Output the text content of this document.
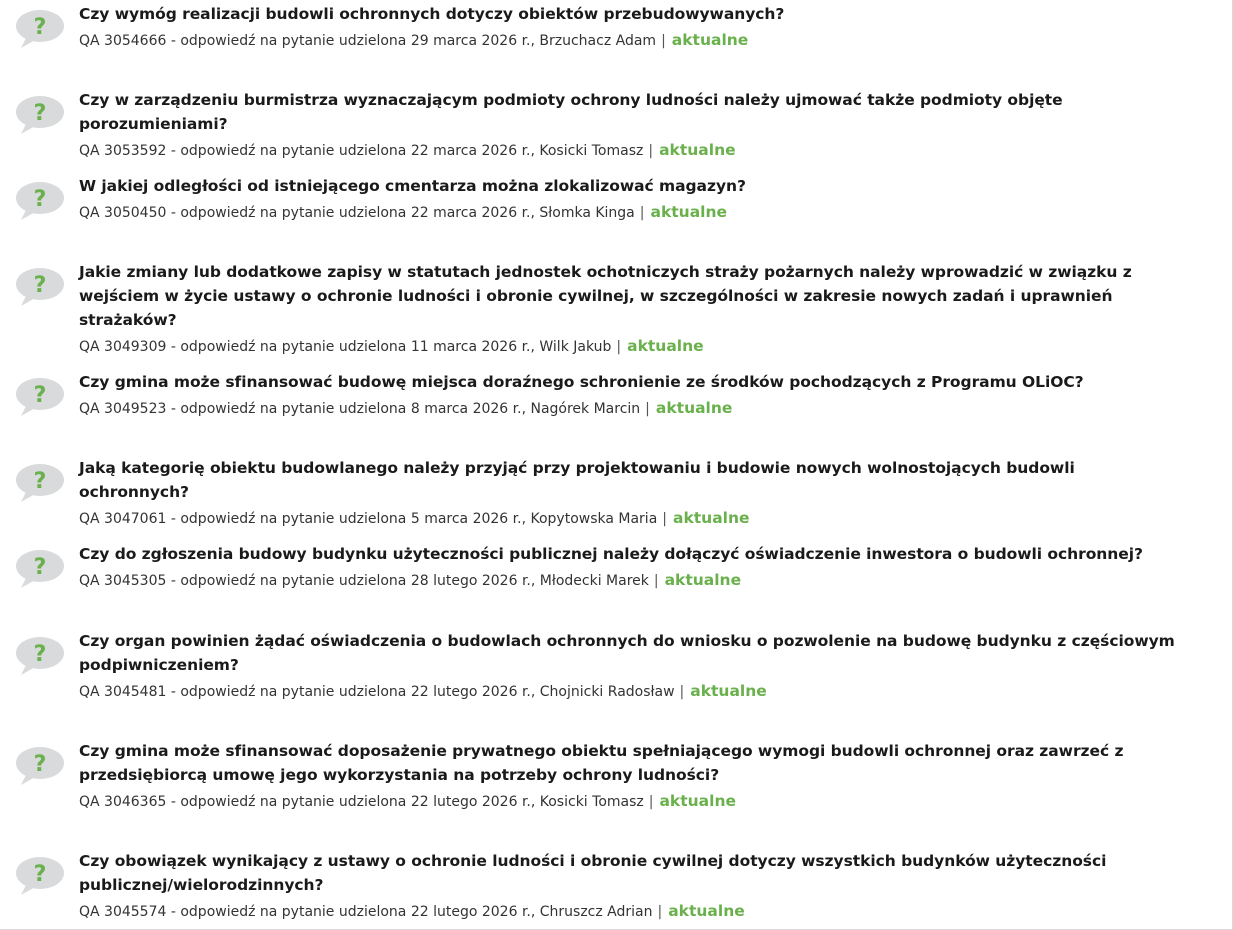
?
Czy wymóg realizacji budowli ochronnych dotyczy obiektów przebudowywanych?
QA 3054666 - odpowiedź na pytanie udzielona 29 marca 2026 r., Brzuchacz Adam | aktualne
?
Czy w zarządzeniu burmistrza wyznaczającym podmioty ochrony ludności należy ujmować także podmioty objęte porozumieniami?
QA 3053592 - odpowiedź na pytanie udzielona 22 marca 2026 r., Kosicki Tomasz | aktualne
?
W jakiej odległości od istniejącego cmentarza można zlokalizować magazyn?
QA 3050450 - odpowiedź na pytanie udzielona 22 marca 2026 r., Słomka Kinga | aktualne
?
Jakie zmiany lub dodatkowe zapisy w statutach jednostek ochotniczych straży pożarnych należy wprowadzić w związku z wejściem w życie ustawy o ochronie ludności i obronie cywilnej, w szczególności w zakresie nowych zadań i uprawnień strażaków?
QA 3049309 - odpowiedź na pytanie udzielona 11 marca 2026 r., Wilk Jakub | aktualne
?
Czy gmina może sfinansować budowę miejsca doraźnego schronienie ze środków pochodzących z Programu OLiOC?
QA 3049523 - odpowiedź na pytanie udzielona 8 marca 2026 r., Nagórek Marcin | aktualne
?
Jaką kategorię obiektu budowlanego należy przyjąć przy projektowaniu i budowie nowych wolnostojących budowli ochronnych?
QA 3047061 - odpowiedź na pytanie udzielona 5 marca 2026 r., Kopytowska Maria | aktualne
?
Czy do zgłoszenia budowy budynku użyteczności publicznej należy dołączyć oświadczenie inwestora o budowli ochronnej?
QA 3045305 - odpowiedź na pytanie udzielona 28 lutego 2026 r., Młodecki Marek | aktualne
?
Czy organ powinien żądać oświadczenia o budowlach ochronnych do wniosku o pozwolenie na budowę budynku z częściowym podpiwniczeniem?
QA 3045481 - odpowiedź na pytanie udzielona 22 lutego 2026 r., Chojnicki Radosław | aktualne
?
Czy gmina może sfinansować doposażenie prywatnego obiektu spełniającego wymogi budowli ochronnej oraz zawrzeć z przedsiębiorcą umowę jego wykorzystania na potrzeby ochrony ludności?
QA 3046365 - odpowiedź na pytanie udzielona 22 lutego 2026 r., Kosicki Tomasz | aktualne
?
Czy obowiązek wynikający z ustawy o ochronie ludności i obronie cywilnej dotyczy wszystkich budynków użyteczności publicznej/wielorodzinnych?
QA 3045574 - odpowiedź na pytanie udzielona 22 lutego 2026 r., Chruszcz Adrian | aktualne
